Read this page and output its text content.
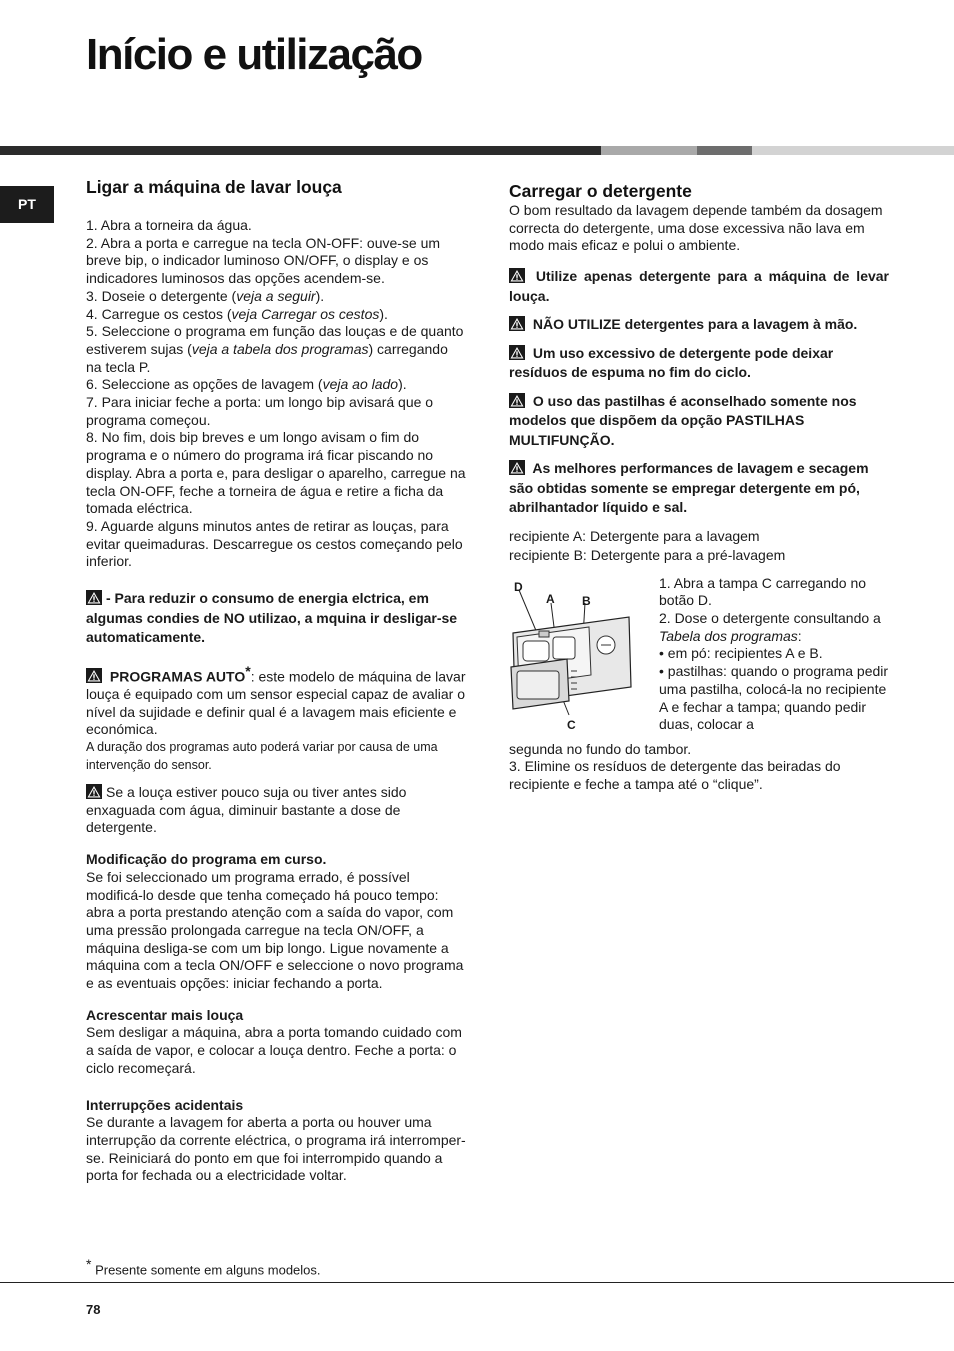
Início e utilização
PT
Ligar a máquina de lavar louça

1. Abra a torneira da água.

2. Abra a porta e carregue na tecla ON-OFF: ouve-se um breve bip, o indicador luminoso ON/OFF, o display e os indicadores luminosos das opções acendem-se.

3. Doseie o detergente (veja a seguir).

4. Carregue os cestos (veja Carregar os cestos).

5. Seleccione o programa em função das louças e de quanto estiverem sujas (veja a tabela dos programas) carregando na tecla P.

6. Seleccione as opções de lavagem (veja ao lado).

7. Para iniciar feche a porta: um longo bip avisará que o programa começou.

8. No fim, dois bip breves e um longo avisam o fim do programa e o número do programa irá ficar piscando no display. Abra a porta e, para desligar o aparelho, carregue na tecla ON-OFF, feche a torneira de água e retire a ficha da tomada eléctrica.

9. Aguarde alguns minutos antes de retirar as louças, para evitar queimaduras. Descarregue os cestos começando pelo inferior.

- Para reduzir o consumo de energia elctrica, em algumas condies de NO utilizao, a mquina ir desligar-se automaticamente.

PROGRAMAS AUTO*: este modelo de máquina de lavar louça é equipado com um sensor especial capaz de avaliar o nível da sujidade e definir qual é a lavagem mais eficiente e económica.

A duração dos programas auto poderá variar por causa de uma intervenção do sensor.

Se a louça estiver pouco suja ou tiver antes sido enxaguada com água, diminuir bastante a dose de detergente.

Modificação do programa em curso.

Se foi seleccionado um programa errado, é possível modificá-lo desde que tenha começado há pouco tempo: abra a porta prestando atenção com a saída do vapor, com uma pressão prolongada carregue na tecla ON/OFF, a máquina desliga-se com um bip longo. Ligue novamente a máquina com a tecla ON/OFF e seleccione o novo programa e as eventuais opções: iniciar fechando a porta.

Acrescentar mais louça

Sem desligar a máquina, abra a porta tomando cuidado com a saída de vapor, e colocar a louça dentro. Feche a porta: o ciclo recomeçará.

Interrupções acidentais

Se durante a lavagem for aberta a porta ou houver uma interrupção da corrente eléctrica, o programa irá interromper-se. Reiniciará do ponto em que foi interrompido quando a porta for fechada ou a electricidade voltar.

Carregar o detergente

O bom resultado da lavagem depende também da dosagem correcta do detergente, uma dose excessiva não lava em modo mais eficaz e polui o ambiente.

Utilize apenas detergente para a máquina de levar louça.

NÃO UTILIZE detergentes para a lavagem à mão.

Um uso excessivo de detergente pode deixar resíduos de espuma no fim do ciclo.

O uso das pastilhas é aconselhado somente nos modelos que dispõem da opção PASTILHAS MULTIFUNÇÃO.

As melhores performances de lavagem e secagem são obtidas somente se empregar detergente em pó, abrilhantador líquido e sal.

recipiente A: Detergente para a lavagem

recipiente B: Detergente para a pré-lavagem

D
A B
C

1. Abra a tampa C carregando no botão D.

2. Dose o detergente consultando a Tabela dos programas:

• em pó: recipientes A e B.

• pastilhas: quando o programa pedir uma pastilha, colocá-la no recipiente A e fechar a tampa; quando pedir duas, colocar a

segunda no fundo do tambor.

3. Elimine os resíduos de detergente das beiradas do recipiente e feche a tampa até o “clique”.

* Presente somente em alguns modelos.
78
